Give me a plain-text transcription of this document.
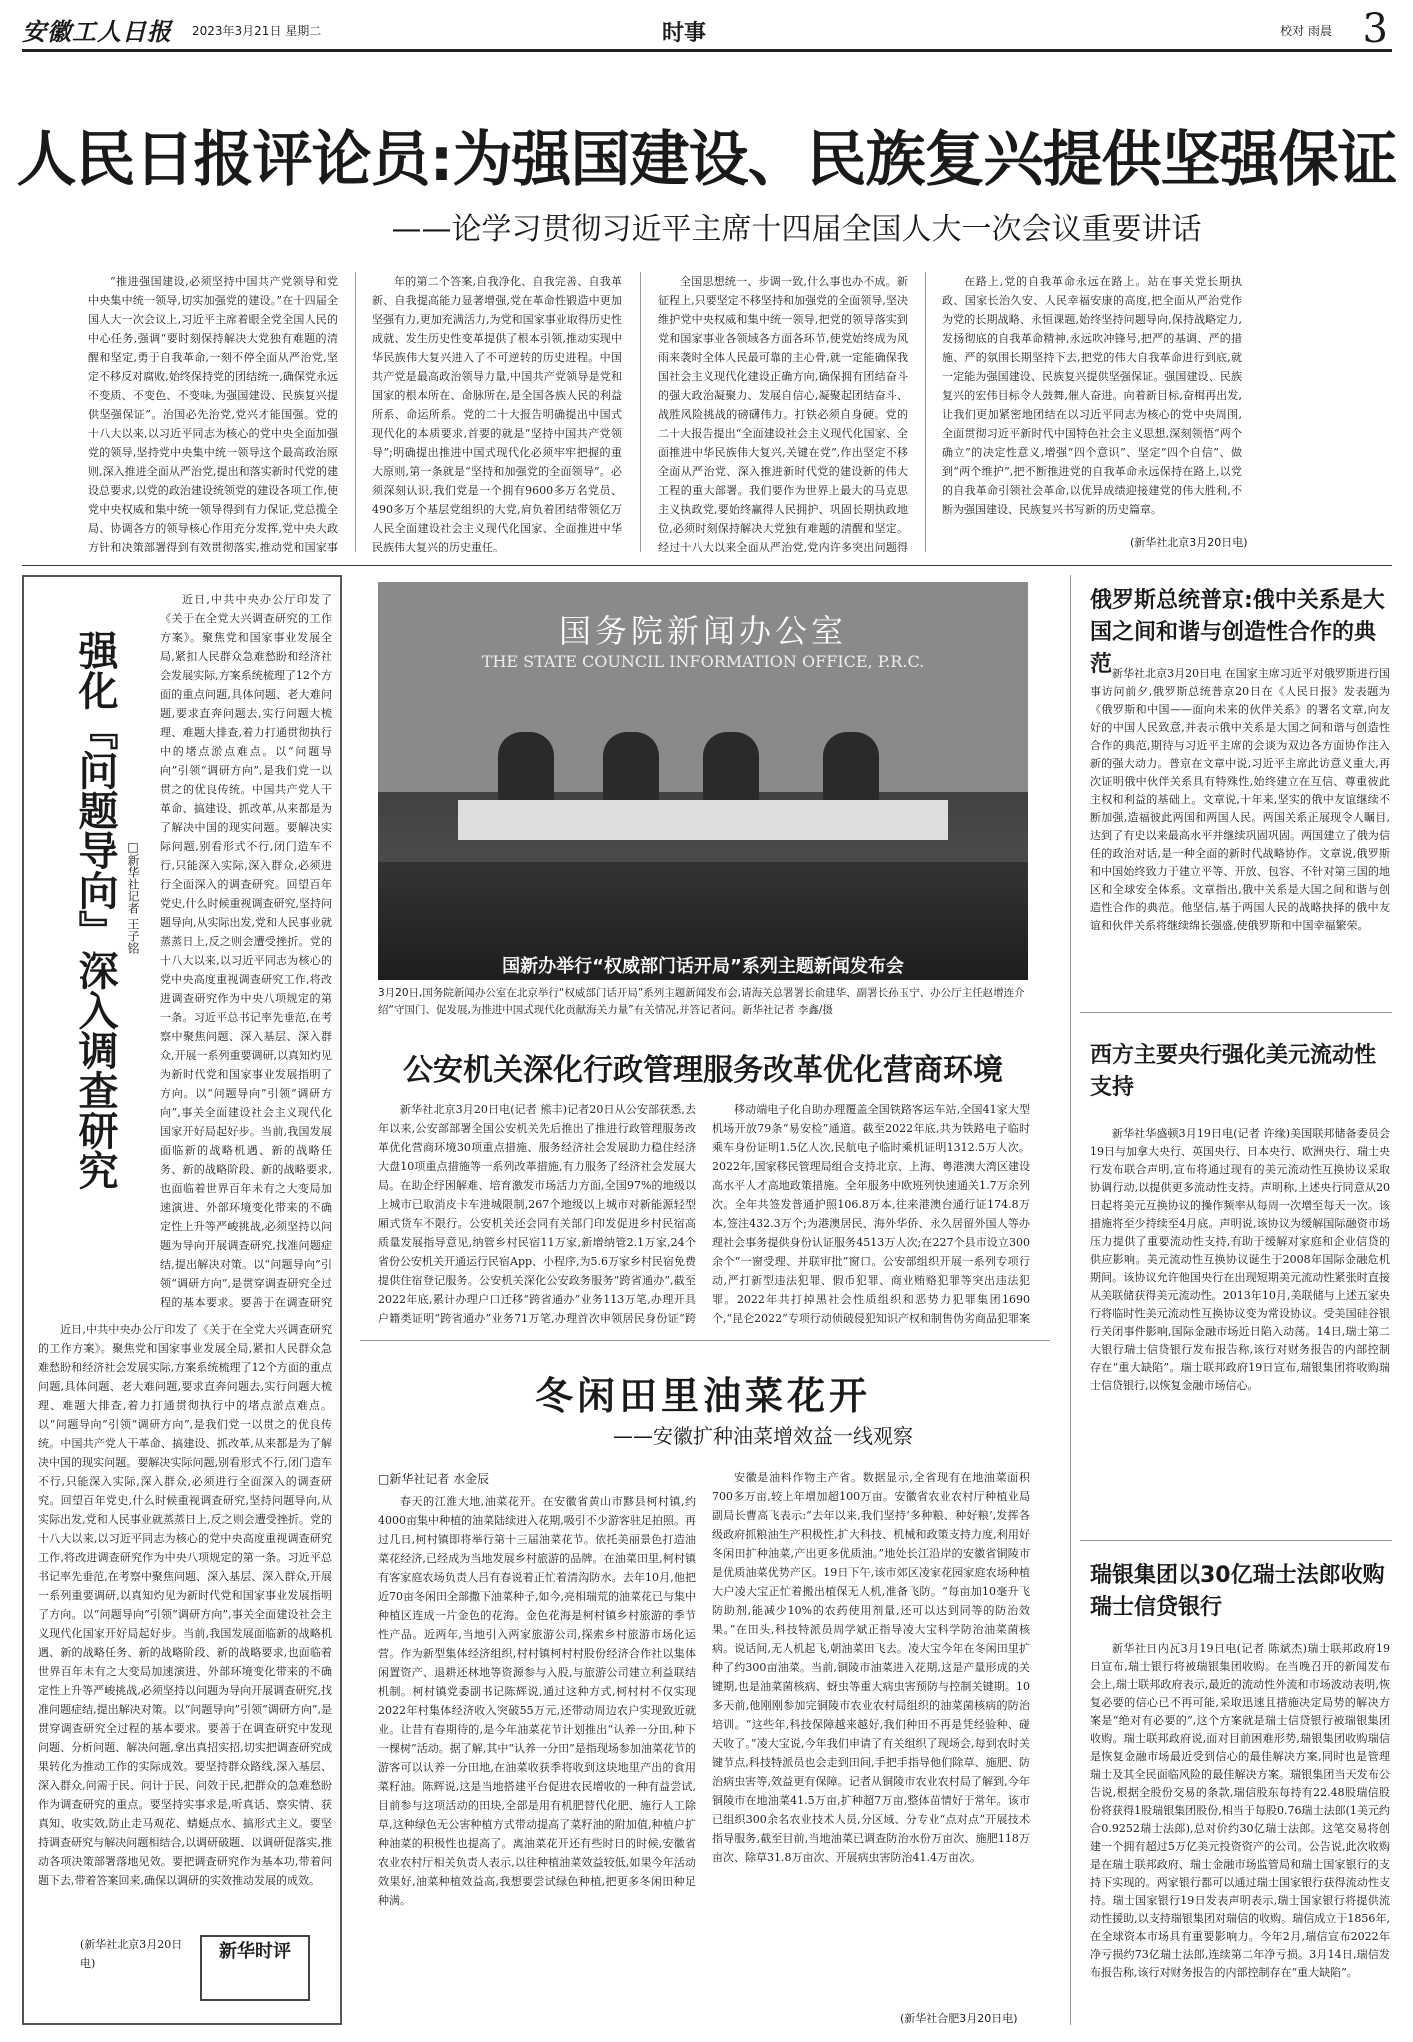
安徽工人日报 2023年3月21日 星期二	时事	校对 雨晨 3
人民日报评论员:为强国建设、民族复兴提供坚强保证
——论学习贯彻习近平主席十四届全国人大一次会议重要讲话

“推进强国建设,必须坚持中国共产党领导和党中央集中统一领导,切实加强党的建设。”在十四届全国人大一次会议上,习近平主席着眼全党全国人民的中心任务,强调“要时刻保持解决大党独有难题的清醒和坚定,勇于自我革命,一刻不停全面从严治党,坚定不移反对腐败,始终保持党的团结统一,确保党永远不变质、不变色、不变味,为强国建设、民族复兴提供坚强保证”。治国必先治党,党兴才能国强。党的十八大以来,以习近平同志为核心的党中央全面加强党的领导,坚持党中央集中统一领导这个最高政治原则,深入推进全面从严治党,提出和落实新时代党的建设总要求,以党的政治建设统领党的建设各项工作,使党中央权威和集中统一领导得到有力保证,党总揽全局、协调各方的领导核心作用充分发挥,党中央大政方针和决策部署得到有效贯彻落实,推动党和国家事

年的第二个答案,自我净化、自我完善、自我革新、自我提高能力显著增强,党在革命性锻造中更加坚强有力,更加充满活力,为党和国家事业取得历史性成就、发生历史性变革提供了根本引领,推动实现中华民族伟大复兴进入了不可逆转的历史进程。中国共产党是最高政治领导力量,中国共产党领导是党和国家的根本所在、命脉所在,是全国各族人民的利益所系、命运所系。党的二十大报告明确提出中国式现代化的本质要求,首要的就是“坚持中国共产党领导”;明确提出推进中国式现代化必须牢牢把握的重大原则,第一条就是“坚持和加强党的全面领导”。必须深刻认识,我们党是一个拥有9600多万名党员、490多万个基层党组织的大党,肩负着团结带领亿万人民全面建设社会主义现代化国家、全面推进中华民族伟大复兴的历史重任。

全国思想统一、步调一致,什么事也办不成。新征程上,只要坚定不移坚持和加强党的全面领导,坚决维护党中央权威和集中统一领导,把党的领导落实到党和国家事业各领域各方面各环节,使党始终成为风雨来袭时全体人民最可靠的主心骨,就一定能确保我国社会主义现代化建设正确方向,确保拥有团结奋斗的强大政治凝聚力、发展自信心,凝聚起团结奋斗、战胜风险挑战的磅礴伟力。打铁必须自身硬。党的二十大报告提出“全面建设社会主义现代化国家、全面推进中华民族伟大复兴,关键在党”,作出坚定不移全面从严治党、深入推进新时代党的建设新的伟大工程的重大部署。我们要作为世界上最大的马克思主义执政党,要始终赢得人民拥护、巩固长期执政地位,必须时刻保持解决大党独有难题的清醒和坚定。经过十八大以来全面从严治党,党内许多突出问题得

在路上,党的自我革命永远在路上。站在事关党长期执政、国家长治久安、人民幸福安康的高度,把全面从严治党作为党的长期战略、永恒课题,始终坚持问题导向,保持战略定力,发扬彻底的自我革命精神,永远吹冲锋号,把严的基调、严的措施、严的氛围长期坚持下去,把党的伟大自我革命进行到底,就一定能为强国建设、民族复兴提供坚强保证。强国建设、民族复兴的宏伟目标令人鼓舞,催人奋进。向着新目标,奋楫再出发,让我们更加紧密地团结在以习近平同志为核心的党中央周围,全面贯彻习近平新时代中国特色社会主义思想,深刻领悟“两个确立”的决定性意义,增强“四个意识”、坚定“四个自信”、做到“两个维护”,把不断推进党的自我革命永远保持在路上,以党的自我革命引领社会革命,以优异成绩迎接建党的伟大胜利,不断为强国建设、民族复兴书写新的历史篇章。

(新华社北京3月20日电)
强化『问题导向』深入调查研究 □新华社记者 王子铭

近日,中共中央办公厅印发了《关于在全党大兴调查研究的工作方案》。聚焦党和国家事业发展全局,紧扣人民群众急难愁盼和经济社会发展实际,方案系统梳理了12个方面的重点问题,具体问题、老大难问题,要求直奔问题去,实行问题大梳理、难题大排查,着力打通贯彻执行中的堵点淤点难点。以“问题导向”引领“调研方向”,是我们党一以贯之的优良传统。中国共产党人干革命、搞建设、抓改革,从来都是为了解决中国的现实问题。要解决实际问题,别看形式不行,闭门造车不行,只能深入实际,深入群众,必须进行全面深入的调查研究。回望百年党史,什么时候重视调查研究,坚持问题导向,从实际出发,党和人民事业就蒸蒸日上,反之则会遭受挫折。党的十八大以来,以习近平同志为核心的党中央高度重视调查研究工作,将改进调查研究作为中央八项规定的第一条。习近平总书记率先垂范,在考察中聚焦问题、深入基层、深入群众,开展一系列重要调研,以真知灼见为新时代党和国家事业发展指明了方向。以“问题导向”引领“调研方向”,事关全面建设社会主义现代化国家开好局起好步。当前,我国发展面临新的战略机遇、新的战略任务、新的战略阶段、新的战略要求,也面临着世界百年未有之大变局加速演进、外部环境变化带来的不确定性上升等严峻挑战,必须坚持以问题为导向开展调查研究,找准问题症结,提出解决对策。以“问题导向”引领“调研方向”,是贯穿调查研究全过程的基本要求。要善于在调查研究

近日,中共中央办公厅印发了《关于在全党大兴调查研究的工作方案》。聚焦党和国家事业发展全局,紧扣人民群众急难愁盼和经济社会发展实际,方案系统梳理了12个方面的重点问题,具体问题、老大难问题,要求直奔问题去,实行问题大梳理、难题大排查,着力打通贯彻执行中的堵点淤点难点。以“问题导向”引领“调研方向”,是我们党一以贯之的优良传统。中国共产党人干革命、搞建设、抓改革,从来都是为了解决中国的现实问题。要解决实际问题,别看形式不行,闭门造车不行,只能深入实际,深入群众,必须进行全面深入的调查研究。回望百年党史,什么时候重视调查研究,坚持问题导向,从实际出发,党和人民事业就蒸蒸日上,反之则会遭受挫折。党的十八大以来,以习近平同志为核心的党中央高度重视调查研究工作,将改进调查研究作为中央八项规定的第一条。习近平总书记率先垂范,在考察中聚焦问题、深入基层、深入群众,开展一系列重要调研,以真知灼见为新时代党和国家事业发展指明了方向。以“问题导向”引领“调研方向”,事关全面建设社会主义现代化国家开好局起好步。当前,我国发展面临新的战略机遇、新的战略任务、新的战略阶段、新的战略要求,也面临着世界百年未有之大变局加速演进、外部环境变化带来的不确定性上升等严峻挑战,必须坚持以问题为导向开展调查研究,找准问题症结,提出解决对策。以“问题导向”引领“调研方向”,是贯穿调查研究全过程的基本要求。要善于在调查研究中发现问题、分析问题、解决问题,拿出真招实招,切实把调查研究成果转化为推动工作的实际成效。要坚持群众路线,深入基层、深入群众,问需于民、问计于民、问效于民,把群众的急难愁盼作为调查研究的重点。要坚持实事求是,听真话、察实情、获真知、收实效,防止走马观花、蜻蜓点水、搞形式主义。要坚持调查研究与解决问题相结合,以调研破题、以调研促落实,推动各项决策部署落地见效。要把调查研究作为基本功,带着问题下去,带着答案回来,确保以调研的实效推动发展的成效。

(新华社北京3月20日电)
新华时评
国务院新闻办公室
THE STATE COUNCIL INFORMATION OFFICE, P.R.C.
国新办举行“权威部门话开局”系列主题新闻发布会
3月20日,国务院新闻办公室在北京举行“权威部门话开局”系列主题新闻发布会,请海关总署署长俞建华、副署长孙玉宁、办公厅主任赵增连介绍“守国门、促发展,为推进中国式现代化贡献海关力量”有关情况,并答记者问。新华社记者 李鑫/摄
公安机关深化行政管理服务改革优化营商环境

新华社北京3月20日电(记者 熊丰)记者20日从公安部获悉,去年以来,公安部部署全国公安机关先后推出了推进行政管理服务改革优化营商环境30项重点措施、服务经济社会发展助力稳住经济大盘10项重点措施等一系列改革措施,有力服务了经济社会发展大局。在助企纾困解难、培育激发市场活力方面,全国97%的地级以上城市已取消皮卡车进城限制,267个地级以上城市对新能源轻型厢式货车不限行。公安机关还会同有关部门印发促进乡村民宿高质量发展指导意见,纳管乡村民宿11万家,新增纳管2.1万家,24个省份公安机关开通运行民宿App、小程序,为5.6万家乡村民宿免费提供住宿登记服务。公安机关深化公安政务服务“跨省通办”,截至2022年底,累计办理户口迁移“跨省通办”业务113万笔,办理开具户籍类证明“跨省通办”业务71万笔,办理首次申领居民身份证“跨

移动端电子化自助办理覆盖全国铁路客运车站,全国41家大型机场开放79条“易安检”通道。截至2022年底,共为铁路电子临时乘车身份证明1.5亿人次,民航电子临时乘机证明1312.5万人次。2022年,国家移民管理局组合支持北京、上海、粤港澳大湾区建设高水平人才高地政策措施。全年服务中欧班列快速通关1.7万余列次。全年共签发普通护照106.8万本,往来港澳台通行证174.8万本,签注432.3万个;为港澳居民、海外华侨、永久居留外国人等办理社会事务提供身份认证服务4513万人次;在227个县市设立300余个“一窗受理、并联审批”窗口。公安部组织开展一系列专项行动,严打新型违法犯罪、假币犯罪、商业贿赂犯罪等突出违法犯罪。2022年共打掉黑社会性质组织和恶势力犯罪集团1690个,“昆仑2022”专项行动侦破侵犯知识产权和制售伪劣商品犯罪案

冬闲田里油菜花开
——安徽扩种油菜增效益一线观察
□新华社记者 水金辰

春天的江淮大地,油菜花开。在安徽省黄山市黟县柯村镇,约4000亩集中种植的油菜陆续进入花期,吸引不少游客驻足拍照。再过几日,柯村镇即将举行第十三届油菜花节。依托美丽景色打造油菜花经济,已经成为当地发展乡村旅游的品牌。在油菜田里,柯村镇有客家庭农场负责人吕有春说着正忙着清沟防水。去年10月,他把近70亩冬闲田全部撒下油菜种子,如今,亮相瑞荒的油菜花已与集中种植区连成一片金色的花海。金色花海是柯村镇乡村旅游的季节性产品。近两年,当地引入两家旅游公司,探索乡村旅游市场化运营。作为新型集体经济组织,村村镇柯村村股份经济合作社以集体闲置资产、退耕还林地等资源参与入股,与旅游公司建立利益联结机制。柯村镇党委副书记陈辉说,通过这种方式,柯村村不仅实现2022年村集体经济收入突破55万元,还带动周边农户实现致近就业。让昔有春期待的,是今年油菜花节计划推出“认养一分田,种下一棵树”活动。据了解,其中“认养一分田”是指现场参加油菜花节的游客可以认养一分田地,在油菜收获季将收到这块地里产出的食用菜籽油。陈辉说,这是当地搭建平台促进农民增收的一种有益尝试,目前参与这项活动的田块,全部是用有机肥替代化肥、施行人工除草,这种绿色无公害种植方式带动提高了菜籽油的附加值,种植户扩种油菜的积极性也提高了。离油菜花开还有些时日的时候,安徽省农业农村厅相关负责人表示,以往种植油菜效益较低,如果今年活动效果好,油菜种植效益高,我想要尝试绿色种植,把更多冬闲田种足种满。

安徽是油料作物主产省。数据显示,全省现有在地油菜面积700多万亩,较上年增加超100万亩。安徽省农业农村厅种植业局副局长曹高飞表示:“去年以来,我们坚持‘多种粮、种好粮’,发挥各级政府抓粮油生产积极性,扩大科技、机械和政策支持力度,利用好冬闲田扩种油菜,产出更多优质油。”地处长江沿岸的安徽省铜陵市是优质油菜优势产区。19日下午,该市郊区凌家花园家庭农场种植大户凌大宝正忙着搬出植保无人机,准备飞防。“每亩加10毫升飞防助剂,能减少10%的农药使用剂量,还可以达到同等的防治效果。”在田头,科技特派员周学斌正指导凌大宝科学防治油菜菌核病。说话间,无人机起飞,朝油菜田飞去。凌大宝今年在冬闲田里扩种了约300亩油菜。当前,铜陵市油菜进入花期,这是产量形成的关键期,也是油菜菌核病、蚜虫等重大病虫害预防与控制关键期。10多天前,他刚刚参加完铜陵市农业农村局组织的油菜菌核病的防治培训。“这些年,科技保障越来越好,我们种田不再是凭经验种、碰天收了。”凌大宝说,今年我们申请了有关组织了现场会,每到农时关键节点,科技特派员也会走到田间,手把手指导他们除草、施肥、防治病虫害等,效益更有保障。记者从铜陵市农业农村局了解到,今年铜陵市在地油菜41.5万亩,扩种超7万亩,整体苗情好于常年。该市已组织300余名农业技术人员,分区域、分专业“点对点”开展技术指导服务,截至目前,当地油菜已调查防治水份万亩次、施肥118万亩次、除草31.8万亩次、开展病虫害防治41.4万亩次。

(新华社合肥3月20日电)
俄罗斯总统普京:俄中关系是大国之间和谐与创造性合作的典范 新华社北京3月20日电 在国家主席习近平对俄罗斯进行国事访问前夕,俄罗斯总统普京20日在《人民日报》发表题为《俄罗斯和中国——面向未来的伙伴关系》的署名文章,向友好的中国人民致意,并表示俄中关系是大国之间和谐与创造性合作的典范,期待与习近平主席的会谈为双边各方面协作注入新的强大动力。普京在文章中说,习近平主席此访意义重大,再次证明俄中伙伴关系具有特殊性,始终建立在互信、尊重彼此主权和利益的基础上。文章说,十年来,坚实的俄中友谊继续不断加强,造福彼此两国和两国人民。两国关系正展现令人瞩目,达到了有史以来最高水平并继续巩固巩固。两国建立了俄为信任的政治对话,是一种全面的新时代战略协作。文章说,俄罗斯和中国始终致力于建立平等、开放、包容、不针对第三国的地区和全球安全体系。文章指出,俄中关系是大国之间和谐与创造性合作的典范。他坚信,基于两国人民的战略抉择的俄中友谊和伙伴关系将继续绵长强盛,使俄罗斯和中国幸福繁荣。

西方主要央行强化美元流动性支持

新华社华盛顿3月19日电(记者 许缘)美国联邦储备委员会19日与加拿大央行、英国央行、日本央行、欧洲央行、瑞士央行发布联合声明,宣布将通过现有的美元流动性互换协议采取协调行动,以提供更多流动性支持。声明称,上述央行同意从20日起将美元互换协议的操作频率从每周一次增至每天一次。该措施将至少持续至4月底。声明说,该协议为缓解国际融资市场压力提供了重要流动性支持,有助于缓解对家庭和企业信贷的供应影响。美元流动性互换协议诞生于2008年国际金融危机期间。该协议允许他国央行在出现短期美元流动性紧张时直接从美联储获得美元流动性。2013年10月,美联储与上述五家央行将临时性美元流动性互换协议变为常设协议。受美国硅谷银行关闭事件影响,国际金融市场近日陷入动荡。14日,瑞士第二大银行瑞士信贷银行发布报告称,该行对财务报告的内部控制存在“重大缺陷”。瑞士联邦政府19日宣布,瑞银集团将收购瑞士信贷银行,以恢复金融市场信心。

瑞银集团以30亿瑞士法郎收购瑞士信贷银行

新华社日内瓦3月19日电(记者 陈斌杰)瑞士联邦政府19日宣布,瑞士银行将被瑞银集团收购。在当晚召开的新闻发布会上,瑞士联邦政府表示,最近的流动性外流和市场波动表明,恢复必要的信心已不再可能,采取迅速且措施决定局势的解决方案是“绝对有必要的”,这个方案就是瑞士信贷银行被瑞银集团收购。瑞士联邦政府说,面对目前困难形势,瑞银集团收购瑞信是恢复金融市场最近受到信心的最佳解决方案,同时也是管理瑞士及其全民面临风险的最佳解决方案。瑞银集团当天发布公告说,根据全股份交易的条款,瑞信股东每持有22.48股瑞信股份将获得1股瑞银集团股份,相当于每股0.76瑞士法郎(1美元约合0.9252瑞士法郎),总对价约30亿瑞士法郎。这笔交易将创建一个拥有超过5万亿美元投资资产的公司。公告说,此次收购是在瑞士联邦政府、瑞士金融市场监管局和瑞士国家银行的支持下实现的。两家银行都可以通过瑞士国家银行获得流动性支持。瑞士国家银行19日发表声明表示,瑞士国家银行将提供流动性援助,以支持瑞银集团对瑞信的收购。瑞信成立于1856年,在全球资本市场具有重要影响力。今年2月,瑞信宣布2022年净亏损约73亿瑞士法郎,连续第二年净亏损。3月14日,瑞信发布报告称,该行对财务报告的内部控制存在“重大缺陷”。
